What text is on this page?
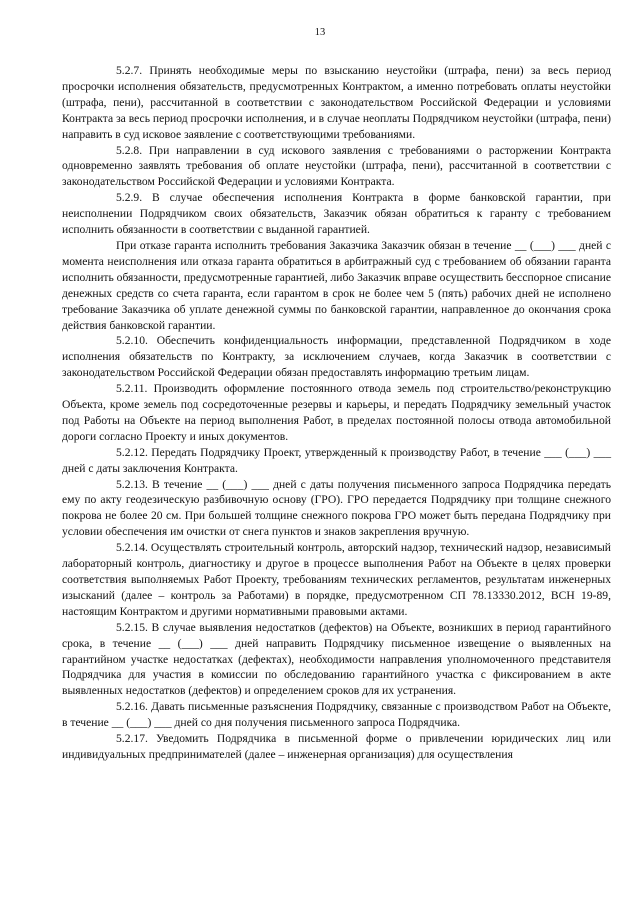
13

5.2.7. Принять необходимые меры по взысканию неустойки (штрафа, пени) за весь период просрочки исполнения обязательств, предусмотренных Контрактом, а именно потребовать оплаты неустойки (штрафа, пени), рассчитанной в соответствии с законодательством Российской Федерации и условиями Контракта за весь период просрочки исполнения, и в случае неоплаты Подрядчиком неустойки (штрафа, пени) направить в суд исковое заявление с соответствующими требованиями.

5.2.8. При направлении в суд искового заявления с требованиями о расторжении Контракта одновременно заявлять требования об оплате неустойки (штрафа, пени), рассчитанной в соответствии с законодательством Российской Федерации и условиями Контракта.

5.2.9. В случае обеспечения исполнения Контракта в форме банковской гарантии, при неисполнении Подрядчиком своих обязательств, Заказчик обязан обратиться к гаранту с требованием исполнить обязанности в соответствии с выданной гарантией.

При отказе гаранта исполнить требования Заказчика Заказчик обязан в течение __ (___) ___ дней с момента неисполнения или отказа гаранта обратиться в арбитражный суд с требованием об обязании гаранта исполнить обязанности, предусмотренные гарантией, либо Заказчик вправе осуществить бесспорное списание денежных средств со счета гаранта, если гарантом в срок не более чем 5 (пять) рабочих дней не исполнено требование Заказчика об уплате денежной суммы по банковской гарантии, направленное до окончания срока действия банковской гарантии.

5.2.10. Обеспечить конфиденциальность информации, представленной Подрядчиком в ходе исполнения обязательств по Контракту, за исключением случаев, когда Заказчик в соответствии с законодательством Российской Федерации обязан предоставлять информацию третьим лицам.

5.2.11. Производить оформление постоянного отвода земель под строительство/реконструкцию Объекта, кроме земель под сосредоточенные резервы и карьеры, и передать Подрядчику земельный участок под Работы на Объекте на период выполнения Работ, в пределах постоянной полосы отвода автомобильной дороги согласно Проекту и иных документов.

5.2.12. Передать Подрядчику Проект, утвержденный к производству Работ, в течение ___ (___) ___ дней с даты заключения Контракта.

5.2.13. В течение __ (___) ___ дней с даты получения письменного запроса Подрядчика передать ему по акту геодезическую разбивочную основу (ГРО). ГРО передается Подрядчику при толщине снежного покрова не более 20 см. При большей толщине снежного покрова ГРО может быть передана Подрядчику при условии обеспечения им очистки от снега пунктов и знаков закрепления вручную.

5.2.14. Осуществлять строительный контроль, авторский надзор, технический надзор, независимый лабораторный контроль, диагностику и другое в процессе выполнения Работ на Объекте в целях проверки соответствия выполняемых Работ Проекту, требованиям технических регламентов, результатам инженерных изысканий (далее – контроль за Работами) в порядке, предусмотренном СП 78.13330.2012, ВСН 19-89, настоящим Контрактом и другими нормативными правовыми актами.

5.2.15. В случае выявления недостатков (дефектов) на Объекте, возникших в период гарантийного срока, в течение __ (___) ___ дней направить Подрядчику письменное извещение о выявленных на гарантийном участке недостатках (дефектах), необходимости направления уполномоченного представителя Подрядчика для участия в комиссии по обследованию гарантийного участка с фиксированием в акте выявленных недостатков (дефектов) и определением сроков для их устранения.

5.2.16. Давать письменные разъяснения Подрядчику, связанные с производством Работ на Объекте, в течение __ (___) ___ дней со дня получения письменного запроса Подрядчика.

5.2.17. Уведомить Подрядчика в письменной форме о привлечении юридических лиц или индивидуальных предпринимателей (далее – инженерная организация) для осуществления
